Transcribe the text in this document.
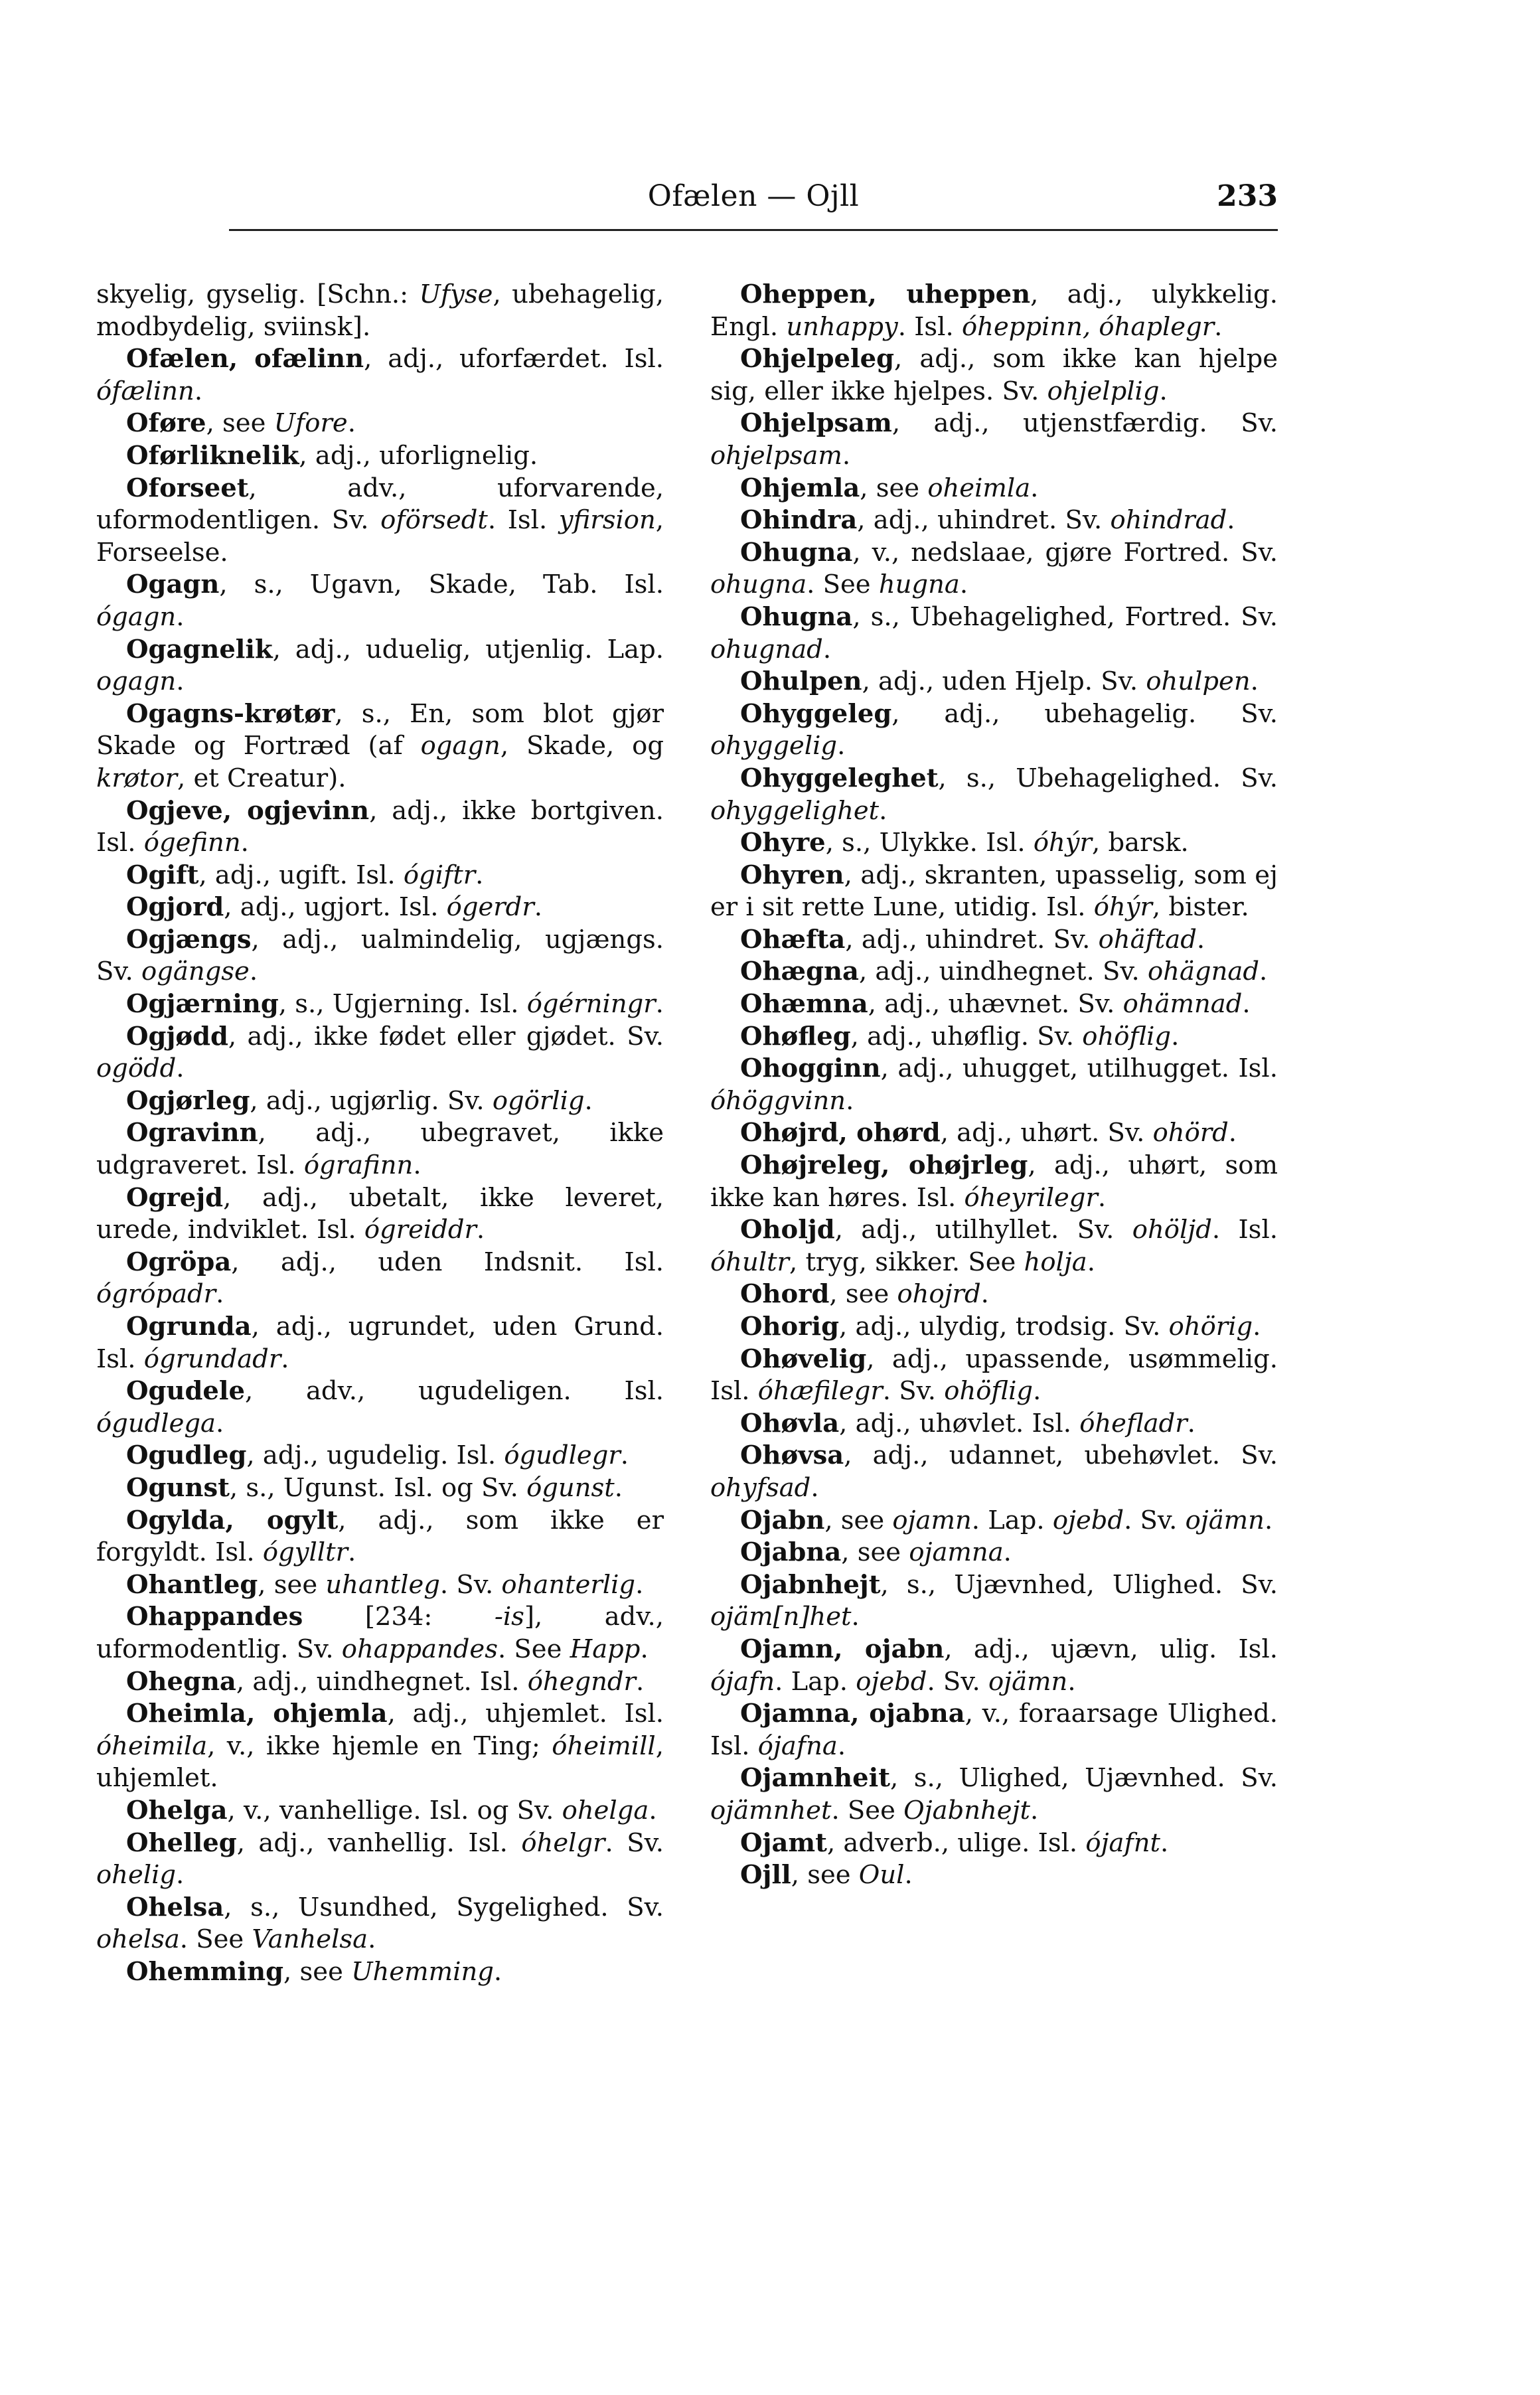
Ofælen — Ojll	233

skyelig, gyselig. [Schn.: Ufyse, ubehagelig, modbydelig, sviinsk].

Ofælen, ofælinn, adj., uforfærdet. Isl. ófælinn.

Oføre, see Ufore.

Oførliknelik, adj., uforlignelig.

Oforseet, adv., uforvarende, uformodentligen. Sv. oförsedt. Isl. yfirsion, Forseelse.

Ogagn, s., Ugavn, Skade, Tab. Isl. ógagn.

Ogagnelik, adj., uduelig, utjenlig. Lap. ogagn.

Ogagns-krøtør, s., En, som blot gjør Skade og Fortræd (af ogagn, Skade, og krøtor, et Creatur).

Ogjeve, ogjevinn, adj., ikke bortgiven. Isl. ógefinn.

Ogift, adj., ugift. Isl. ógiftr.

Ogjord, adj., ugjort. Isl. ógerdr.

Ogjængs, adj., ualmindelig, ugjængs. Sv. ogängse.

Ogjærning, s., Ugjerning. Isl. ógérningr.

Ogjødd, adj., ikke fødet eller gjødet. Sv. ogödd.

Ogjørleg, adj., ugjørlig. Sv. ogörlig.

Ogravinn, adj., ubegravet, ikke udgraveret. Isl. ógrafinn.

Ogrejd, adj., ubetalt, ikke leveret, urede, indviklet. Isl. ógreiddr.

Ogröpa, adj., uden Indsnit. Isl. ógrópadr.

Ogrunda, adj., ugrundet, uden Grund. Isl. ógrundadr.

Ogudele, adv., ugudeligen. Isl. ógudlega.

Ogudleg, adj., ugudelig. Isl. ógudlegr.

Ogunst, s., Ugunst. Isl. og Sv. ógunst.

Ogylda, ogylt, adj., som ikke er forgyldt. Isl. ógylltr.

Ohantleg, see uhantleg. Sv. ohanterlig.

Ohappandes [234: -is], adv., uformodentlig. Sv. ohappandes. See Happ.

Ohegna, adj., uindhegnet. Isl. óhegndr.

Oheimla, ohjemla, adj., uhjemlet. Isl. óheimila, v., ikke hjemle en Ting; óheimill, uhjemlet.

Ohelga, v., vanhellige. Isl. og Sv. ohelga.

Ohelleg, adj., vanhellig. Isl. óhelgr. Sv. ohelig.

Ohelsa, s., Usundhed, Sygelighed. Sv. ohelsa. See Vanhelsa.

Ohemming, see Uhemming.

Oheppen, uheppen, adj., ulykkelig. Engl. unhappy. Isl. óheppinn, óhaplegr.

Ohjelpeleg, adj., som ikke kan hjelpe sig, eller ikke hjelpes. Sv. ohjelplig.

Ohjelpsam, adj., utjenstfærdig. Sv. ohjelpsam.

Ohjemla, see oheimla.

Ohindra, adj., uhindret. Sv. ohindrad.

Ohugna, v., nedslaae, gjøre Fortred. Sv. ohugna. See hugna.

Ohugna, s., Ubehagelighed, Fortred. Sv. ohugnad.

Ohulpen, adj., uden Hjelp. Sv. ohulpen.

Ohyggeleg, adj., ubehagelig. Sv. ohyggelig.

Ohyggeleghet, s., Ubehagelighed. Sv. ohyggelighet.

Ohyre, s., Ulykke. Isl. óhýr, barsk.

Ohyren, adj., skranten, upasselig, som ej er i sit rette Lune, utidig. Isl. óhýr, bister.

Ohæfta, adj., uhindret. Sv. ohäftad.

Ohægna, adj., uindhegnet. Sv. ohägnad.

Ohæmna, adj., uhævnet. Sv. ohämnad.

Ohøfleg, adj., uhøflig. Sv. ohöflig.

Ohogginn, adj., uhugget, utilhugget. Isl. óhöggvinn.

Ohøjrd, ohørd, adj., uhørt. Sv. ohörd.

Ohøjreleg, ohøjrleg, adj., uhørt, som ikke kan høres. Isl. óheyrilegr.

Oholjd, adj., utilhyllet. Sv. ohöljd. Isl. óhultr, tryg, sikker. See holja.

Ohord, see ohojrd.

Ohorig, adj., ulydig, trodsig. Sv. ohörig.

Ohøvelig, adj., upassende, usømmelig. Isl. óhæfilegr. Sv. ohöflig.

Ohøvla, adj., uhøvlet. Isl. óhefladr.

Ohøvsa, adj., udannet, ubehøvlet. Sv. ohyfsad.

Ojabn, see ojamn. Lap. ojebd. Sv. ojämn.

Ojabna, see ojamna.

Ojabnhejt, s., Ujævnhed, Ulighed. Sv. ojäm[n]het.

Ojamn, ojabn, adj., ujævn, ulig. Isl. ójafn. Lap. ojebd. Sv. ojämn.

Ojamna, ojabna, v., foraarsage Ulighed. Isl. ójafna.

Ojamnheit, s., Ulighed, Ujævnhed. Sv. ojämnhet. See Ojabnhejt.

Ojamt, adverb., ulige. Isl. ójafnt.

Ojll, see Oul.
